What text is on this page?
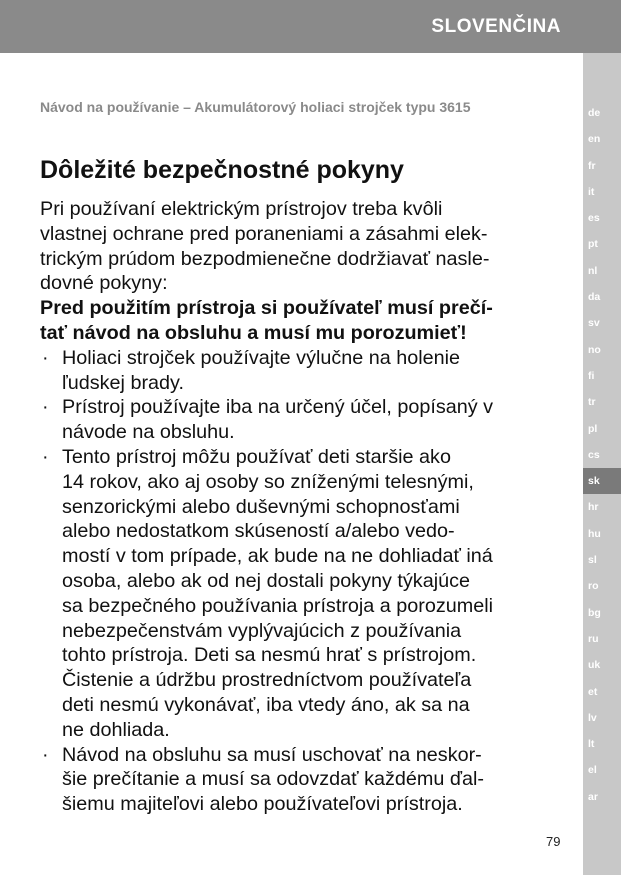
SLOVENČINA
de
en
fr
it
es
pt
nl
da
sv
no
fi
tr
pl
cs
sk
hr
hu
sl
ro
bg
ru
uk
et
lv
lt
el
ar
Návod na používanie – Akumulátorový holiaci strojček typu 3615
Dôležité bezpečnostné pokyny

Pri používaní elektrickým prístrojov treba kvôli
vlastnej ochrane pred poraneniami a zásahmi elek-
trickým prúdom bezpodmienečne dodržiavať nasle-
dovné pokyny:

Pred použitím prístroja si používateľ musí prečí-
tať návod na obsluhu a musí mu porozumieť!

· Holiaci strojček používajte výlučne na holenie
ľudskej brady.
· Prístroj používajte iba na určený účel, popísaný v
návode na obsluhu.
· Tento prístroj môžu používať deti staršie ako
14 rokov, ako aj osoby so zníženými telesnými,
senzorickými alebo duševnými schopnosťami
alebo nedostatkom skúseností a/alebo vedo-
mostí v tom prípade, ak bude na ne dohliadať iná
osoba, alebo ak od nej dostali pokyny týkajúce
sa bezpečného používania prístroja a porozumeli
nebezpečenstvám vyplývajúcich z používania
tohto prístroja. Deti sa nesmú hrať s prístrojom.
Čistenie a údržbu prostredníctvom používateľa
deti nesmú vykonávať, iba vtedy áno, ak sa na
ne dohliada.
· Návod na obsluhu sa musí uschovať na neskor-
šie prečítanie a musí sa odovzdať každému ďal-
šiemu majiteľovi alebo používateľovi prístroja.
79
